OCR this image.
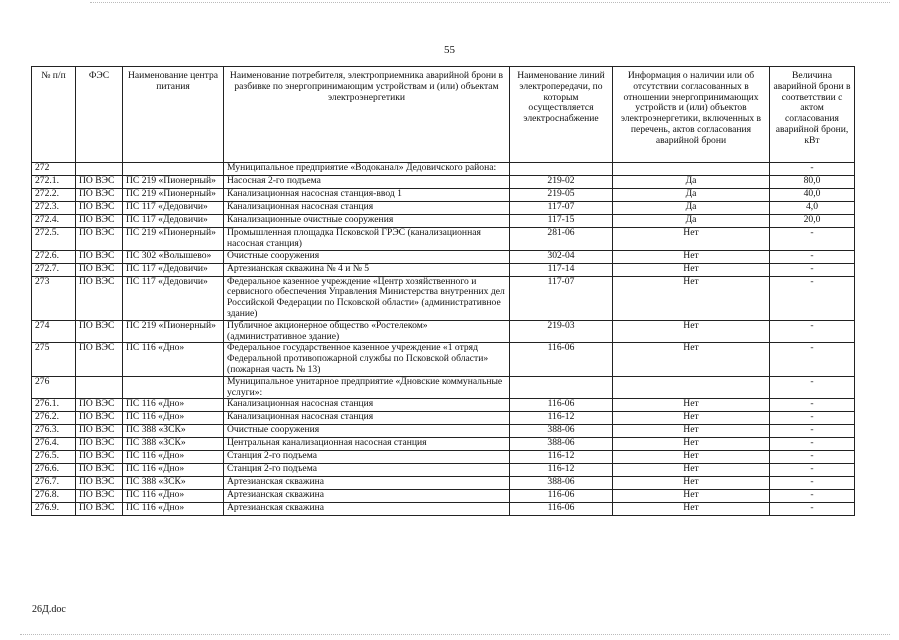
55
№ п/п	ФЭС	Наименование центра питания	Наименование потребителя, электроприемника аварийной брони в разбивке по энергопринимающим устройствам и (или) объектам электроэнергетики	Наименование линий электропередачи, по которым осуществляется электроснабжение	Информация о наличии или об отсутствии согласованных в отношении энергопринимающих устройств и (или) объектов электроэнергетики, включенных в перечень, актов согласования аварийной брони	Величина аварийной брони в соответствии с актом согласования аварийной брони, кВт
272			Муниципальное предприятие «Водоканал» Дедовичского района:			-
272.1.	ПО ВЭС	ПС 219 «Пионерный»	Насосная 2-го подъема	219-02	Да	80,0
272.2.	ПО ВЭС	ПС 219 «Пионерный»	Канализационная насосная станция-ввод 1	219-05	Да	40,0
272.3.	ПО ВЭС	ПС 117 «Дедовичи»	Канализационная насосная станция	117-07	Да	4,0
272.4.	ПО ВЭС	ПС 117 «Дедовичи»	Канализационные очистные сооружения	117-15	Да	20,0
272.5.	ПО ВЭС	ПС 219 «Пионерный»	Промышленная площадка Псковской ГРЭС (канализационная насосная станция)	281-06	Нет	-
272.6.	ПО ВЭС	ПС 302 «Волышево»	Очистные сооружения	302-04	Нет	-
272.7.	ПО ВЭС	ПС 117 «Дедовичи»	Артезианская скважина № 4 и № 5	117-14	Нет	-
273	ПО ВЭС	ПС 117 «Дедовичи»	Федеральное казенное учреждение «Центр хозяйственного и сервисного обеспечения Управления Министерства внутренних дел Российской Федерации по Псковской области» (административное здание)	117-07	Нет	-
274	ПО ВЭС	ПС 219 «Пионерный»	Публичное акционерное общество «Ростелеком» (административное здание)	219-03	Нет	-
275	ПО ВЭС	ПС 116 «Дно»	Федеральное государственное казенное учреждение «1 отряд Федеральной противопожарной службы по Псковской области» (пожарная часть № 13)	116-06	Нет	-
276			Муниципальное унитарное предприятие «Дновские коммунальные услуги»:			-
276.1.	ПО ВЭС	ПС 116 «Дно»	Канализационная насосная станция	116-06	Нет	-
276.2.	ПО ВЭС	ПС 116 «Дно»	Канализационная насосная станция	116-12	Нет	-
276.3.	ПО ВЭС	ПС 388 «ЗСК»	Очистные сооружения	388-06	Нет	-
276.4.	ПО ВЭС	ПС 388 «ЗСК»	Центральная канализационная насосная станция	388-06	Нет	-
276.5.	ПО ВЭС	ПС 116 «Дно»	Станция 2-го подъема	116-12	Нет	-
276.6.	ПО ВЭС	ПС 116 «Дно»	Станция 2-го подъема	116-12	Нет	-
276.7.	ПО ВЭС	ПС 388 «ЗСК»	Артезианская скважина	388-06	Нет	-
276.8.	ПО ВЭС	ПС 116 «Дно»	Артезианская скважина	116-06	Нет	-
276.9.	ПО ВЭС	ПС 116 «Дно»	Артезианская скважина	116-06	Нет	-
26Д.doc
